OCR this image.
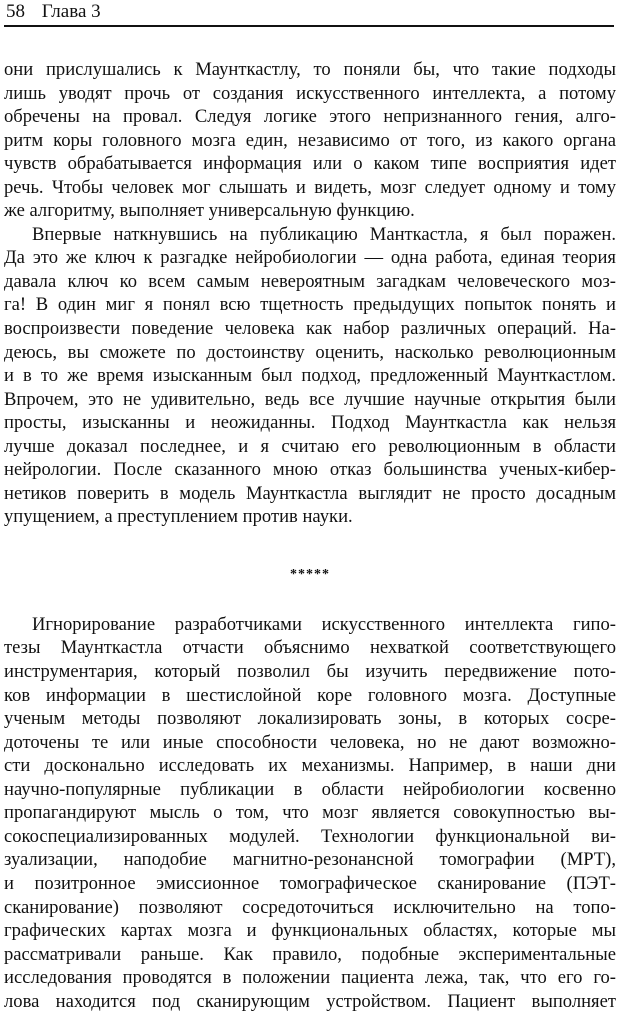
58 Глава 3
они прислушались к Маунткастлу, то поняли бы, что такие подходы
лишь уводят прочь от создания искусственного интеллекта, а потому
обречены на провал. Следуя логике этого непризнанного гения, алго-
ритм коры головного мозга един, независимо от того, из какого органа
чувств обрабатывается информация или о каком типе восприятия идет
речь. Чтобы человек мог слышать и видеть, мозг следует одному и тому
же алгоритму, выполняет универсальную функцию.
Впервые наткнувшись на публикацию Манткастла, я был поражен.
Да это же ключ к разгадке нейробиологии — одна работа, единая теория
давала ключ ко всем самым невероятным загадкам человеческого моз-
га! В один миг я понял всю тщетность предыдущих попыток понять и
воспроизвести поведение человека как набор различных операций. На-
деюсь, вы сможете по достоинству оценить, насколько революционным
и в то же время изысканным был подход, предложенный Маунткастлом.
Впрочем, это не удивительно, ведь все лучшие научные открытия были
просты, изысканны и неожиданны. Подход Маунткастла как нельзя
лучше доказал последнее, и я считаю его революционным в области
нейрологии. После сказанного мною отказ большинства ученых-кибер-
нетиков поверить в модель Маунткастла выглядит не просто досадным
упущением, а преступлением против науки.
*****
Игнорирование разработчиками искусственного интеллекта гипо-
тезы Маунткастла отчасти объяснимо нехваткой соответствующего
инструментария, который позволил бы изучить передвижение пото-
ков информации в шестислойной коре головного мозга. Доступные
ученым методы позволяют локализировать зоны, в которых сосре-
доточены те или иные способности человека, но не дают возможно-
сти досконально исследовать их механизмы. Например, в наши дни
научно-популярные публикации в области нейробиологии косвенно
пропагандируют мысль о том, что мозг является совокупностью вы-
сокоспециализированных модулей. Технологии функциональной ви-
зуализации, наподобие магнитно-резонансной томографии (МРТ),
и позитронное эмиссионное томографическое сканирование (ПЭТ-
сканирование) позволяют сосредоточиться исключительно на топо-
графических картах мозга и функциональных областях, которые мы
рассматривали раньше. Как правило, подобные экспериментальные
исследования проводятся в положении пациента лежа, так, что его го-
лова находится под сканирующим устройством. Пациент выполняет
